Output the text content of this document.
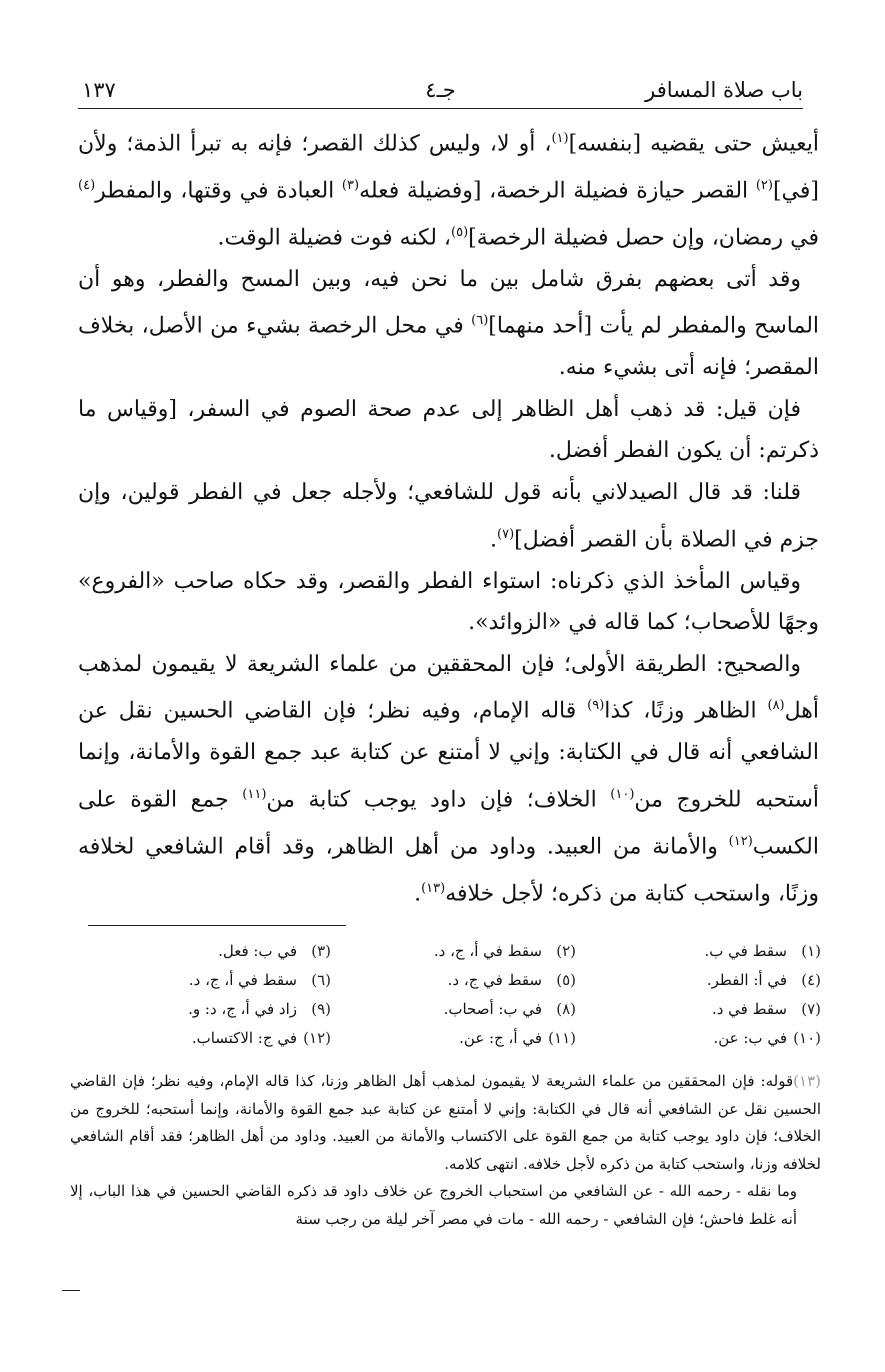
باب صلاة المسافر
جـ٤
١٣٧

أيعيش حتى يقضيه [بنفسه]$^{(١)}$، أو لا، وليس كذلك القصر؛ فإنه به تبرأ الذمة؛ ولأن [في]$^{(٢)}$ القصر حيازة فضيلة الرخصة، [وفضيلة فعله$^{(٣)}$ العبادة في وقتها، والمفطر$^{(٤)}$ في رمضان، وإن حصل فضيلة الرخصة]$^{(٥)}$، لكنه فوت فضيلة الوقت.

وقد أتى بعضهم بفرق شامل بين ما نحن فيه، وبين المسح والفطر، وهو أن الماسح والمفطر لم يأت [أحد منهما]$^{(٦)}$ في محل الرخصة بشيء من الأصل، بخلاف المقصر؛ فإنه أتى بشيء منه.

فإن قيل: قد ذهب أهل الظاهر إلى عدم صحة الصوم في السفر، [وقياس ما ذكرتم: أن يكون الفطر أفضل.

قلنا: قد قال الصيدلاني بأنه قول للشافعي؛ ولأجله جعل في الفطر قولين، وإن جزم في الصلاة بأن القصر أفضل]$^{(٧)}$.

وقياس المأخذ الذي ذكرناه: استواء الفطر والقصر، وقد حكاه صاحب «الفروع» وجهًا للأصحاب؛ كما قاله في «الزوائد».

والصحيح: الطريقة الأولى؛ فإن المحققين من علماء الشريعة لا يقيمون لمذهب أهل$^{(٨)}$ الظاهر وزنًا، كذا$^{(٩)}$ قاله الإمام، وفيه نظر؛ فإن القاضي الحسين نقل عن الشافعي أنه قال في الكتابة: وإني لا أمتنع عن كتابة عبد جمع القوة والأمانة، وإنما أستحبه للخروج من$^{(١٠)}$ الخلاف؛ فإن داود يوجب كتابة من$^{(١١)}$ جمع القوة على الكسب$^{(١٢)}$ والأمانة من العبيد. وداود من أهل الظاهر، وقد أقام الشافعي لخلافه وزنًا، واستحب كتابة من ذكره؛ لأجل خلافه$^{(١٣)}$.

(١)سقط في ب.
(٢)سقط في أ، ج، د.
(٣)في ب: فعل.
(٤)في أ: الفطر.
(٥)سقط في ج، د.
(٦)سقط في أ، ج، د.
(٧)سقط في د.
(٨)في ب: أصحاب.
(٩)زاد في أ، ج، د: و.
(١٠)في ب: عن.
(١١)في أ، ج: عن.
(١٢)في ج: الاكتساب.

(١٣)قوله: فإن المحققين من علماء الشريعة لا يقيمون لمذهب أهل الظاهر وزنا، كذا قاله الإمام، وفيه نظر؛ فإن القاضي الحسين نقل عن الشافعي أنه قال في الكتابة: وإني لا أمتنع عن كتابة عبد جمع القوة والأمانة، وإنما أستحبه؛ للخروج من الخلاف؛ فإن داود يوجب كتابة من جمع القوة على الاكتساب والأمانة من العبيد. وداود من أهل الظاهر؛ فقد أقام الشافعي لخلافه وزنا، واستحب كتابة من ذكره لأجل خلافه. انتهى كلامه.

وما نقله - رحمه الله - عن الشافعي من استحباب الخروج عن خلاف داود قد ذكره القاضي الحسين في هذا الباب، إلا أنه غلط فاحش؛ فإن الشافعي - رحمه الله - مات في مصر آخر ليلة من رجب سنة
